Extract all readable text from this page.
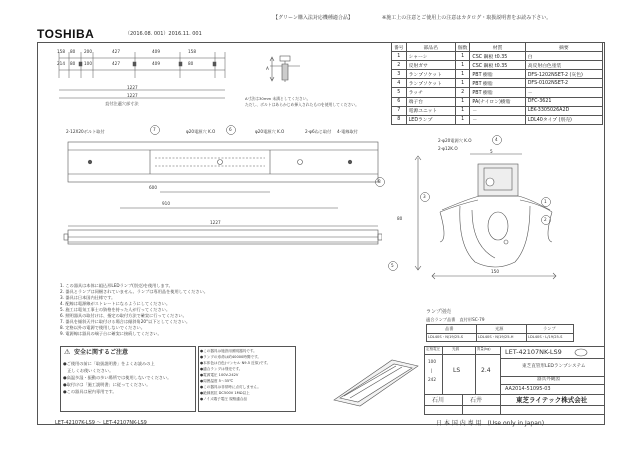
TOSHIBA	（2016.08. 001）2016.11. 001
【グリーン購入法対応機種適合品】	※施工上の注意とご使用上の注意はカタログ・取扱説明書をお読み下さい。
番号	部品名	個数	材質	摘要
1	シャーシ	1	CSC 鋼板 t0.35	白
2	反射ガサ	1	CSC 鋼板 t0.35	高反射白色塗装
3	ランプソケット	1	PBT 樹脂	DFS-1202NSET-2 (灰色)
4	ランプソケット	1	PBT 樹脂	DFS-0102NSET-2
5	ラッチ	2	PBT 樹脂	－
6	端子台	1	PA(ナイロン)樹脂	DFC-3621
7	電源ユニット	1	－	LEK-3305026A2D
8	LEDランプ	1	－	LDL40タイプ (別売)
158 80 200	427	409	158
214 80 100	427	409	80
1227
1227
直付注適穴部寸法
A
A寸法は30mm 未満としてください。
ただし、ボルトはあらかじめ挿入されたものを使用してください。
2-12X20ボルト取付	φ20電源穴 K.O	φ20電源穴 K.O	2-φ6ねじ取付 4-電線取付
7	6
8
4
5
1
2
3
600
910
1227
2-φ20電源穴 K.O
2-φ12K.O
150
80
5
1. この器具は本体に組込形LEDランプ(別売)を使用します。
2. 器具とランプは同梱されていません。ランプは専用品を使用してください。
3. 器具は日本国内仕様です。
4. 配線は電源線がストレートになるようにしてください。
5. 施工は電気工事士の資格を持った人が行ってください。
6. 照明器具の取付けは、指定の取付方法で確実に行ってください。
7. 器具を傾斜天井に取付ける場合は傾斜角20°以下としてください。
8. 定格以外の電源で使用しないでください。
9. 電源線は器具の端子台に確実に接続してください。
ランプ別売
適合ランプ品番　直付形SC-79
品番	光源	ランプ
LDL40S・N/19/25-S	LDL40S・N/19/25-H	LDL40S・L/19/25-S
⚠ 安全に関するご注意
●ご使用の前に「取扱説明書」をよくお読みの上
　正しくお使いください。
●高温多湿・振動の多い場所では使用しないでください。
●取付けは「施工説明書」に従ってください。
●この器具は屋内専用です。
●この器具は施設用照明器具です。
●ランプの寿命は約40000時間です。
●本体色は白色(マンセル N9.5 近似)です。
●適合ランプは別売です。
●電源電圧 100V-242V
●周囲温度 5〜35℃
●この器具は非常時に点灯しません。
●絶縁抵抗 DC500V 1MΩ以上
●ノイズ端子電圧 規格適合品
定格電圧
100
|
242
光源
LS
質量(kg)
2.4
LET-42107NK-LS9
東芝直管形LEDランプシステム
器具外観図
AA2014-51095-03
石川	石井	東芝ライテック株式会社
LET-42107K-LS9 ～ LET-42107NK-LS9	日 本 国 内 専 用　(Use only in Japan)
